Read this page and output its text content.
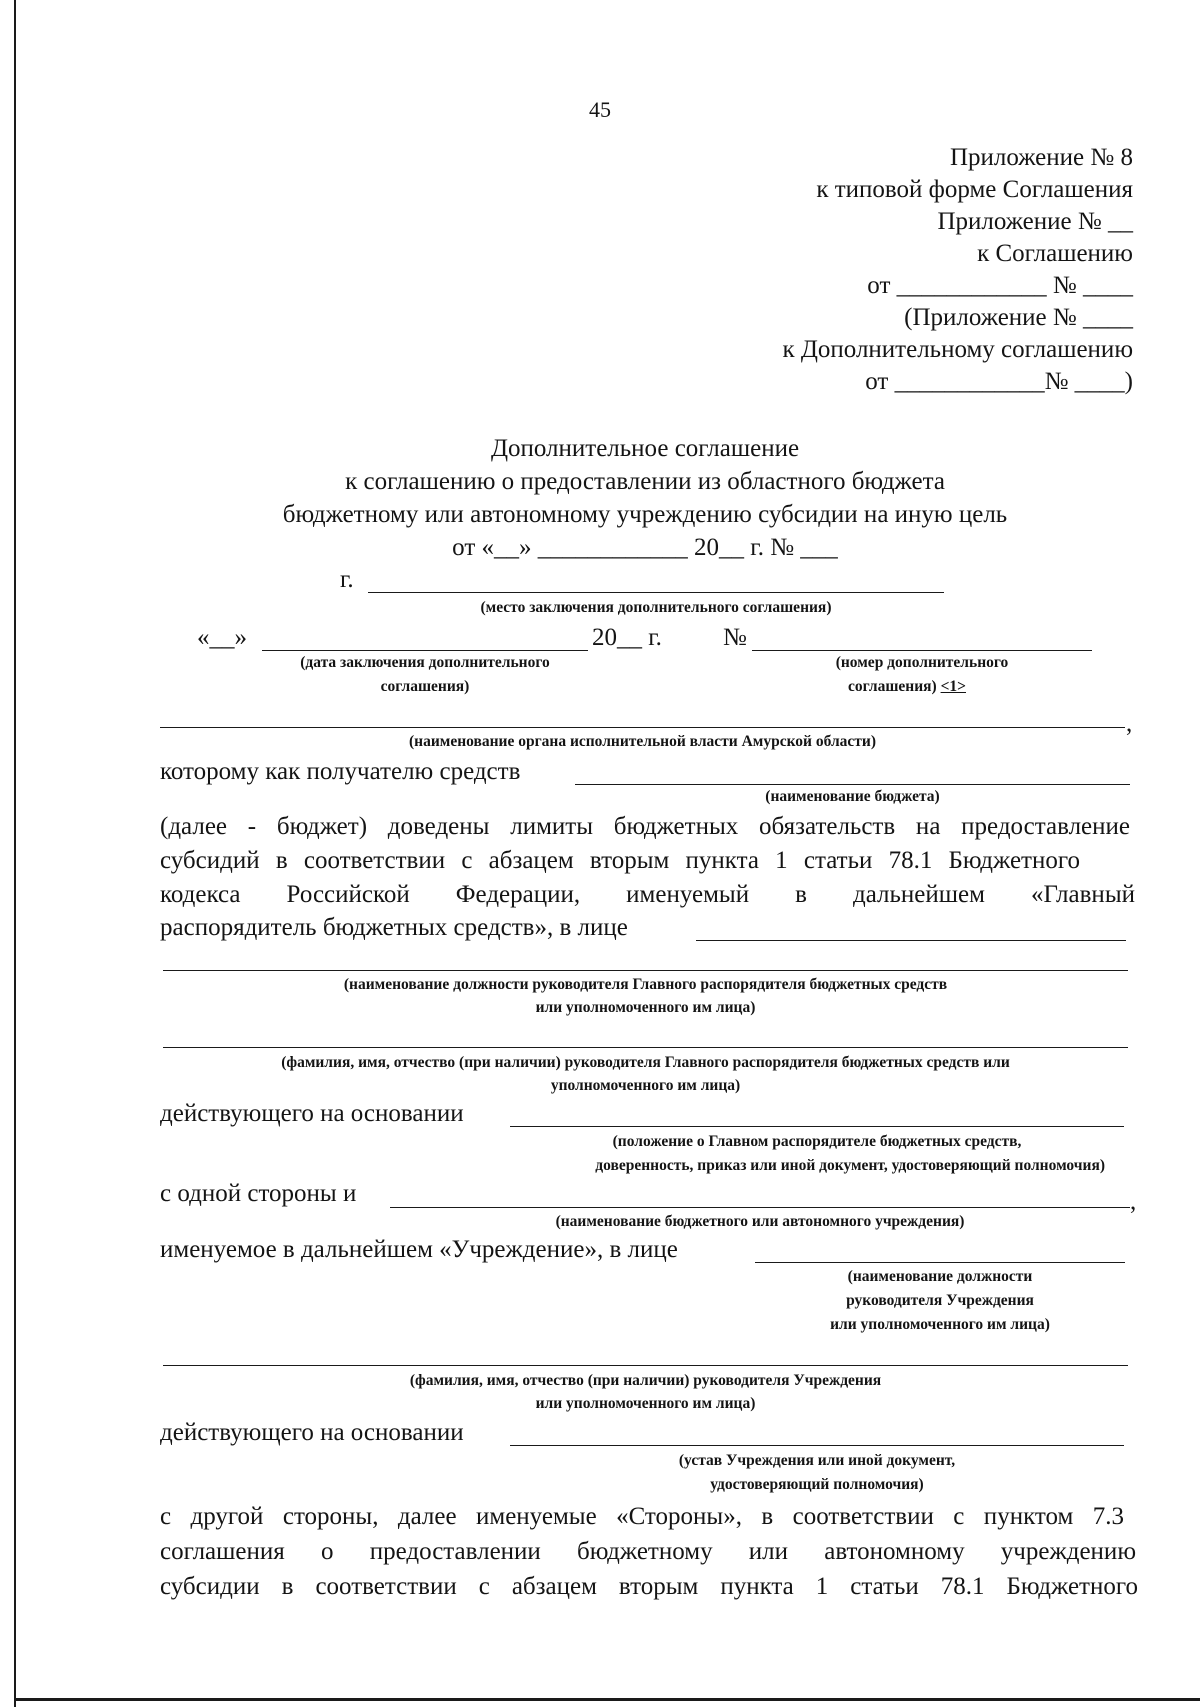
45
Приложение № 8
к типовой форме Соглашения
Приложение № __
к Соглашению
от ____________ № ____
(Приложение № ____
к Дополнительному соглашению
от ____________№ ____)
Дополнительное соглашение
к соглашению о предоставлении из областного бюджета
бюджетному или автономному учреждению субсидии на иную цель
от «__» ____________ 20__ г. № ___
г.
(место заключения дополнительного соглашения)
«__»	20__ г. №
(дата заключения дополнительного
соглашения)
(номер дополнительного
соглашения) <1>
,
(наименование органа исполнительной власти Амурской области)
которому как получателю средств
(наименование бюджета)
(далее - бюджет) доведены лимиты бюджетных обязательств на предоставление
субсидий в соответствии с абзацем вторым пункта 1 статьи 78.1 Бюджетного
кодекса Российской Федерации, именуемый в дальнейшем «Главный
распорядитель бюджетных средств», в лице
(наименование должности руководителя Главного распорядителя бюджетных средств
или уполномоченного им лица)
(фамилия, имя, отчество (при наличии) руководителя Главного распорядителя бюджетных средств или
уполномоченного им лица)
действующего на основании
(положение о Главном распорядителе бюджетных средств,
доверенность, приказ или иной документ, удостоверяющий полномочия)
с одной стороны и	,
(наименование бюджетного или автономного учреждения)
именуемое в дальнейшем «Учреждение», в лице
(наименование должности
руководителя Учреждения
или уполномоченного им лица)
(фамилия, имя, отчество (при наличии) руководителя Учреждения
или уполномоченного им лица)
действующего на основании
(устав Учреждения или иной документ,
удостоверяющий полномочия)
с другой стороны, далее именуемые «Стороны», в соответствии с пунктом 7.3
соглашения о предоставлении бюджетному или автономному учреждению
субсидии в соответствии с абзацем вторым пункта 1 статьи 78.1 Бюджетного
